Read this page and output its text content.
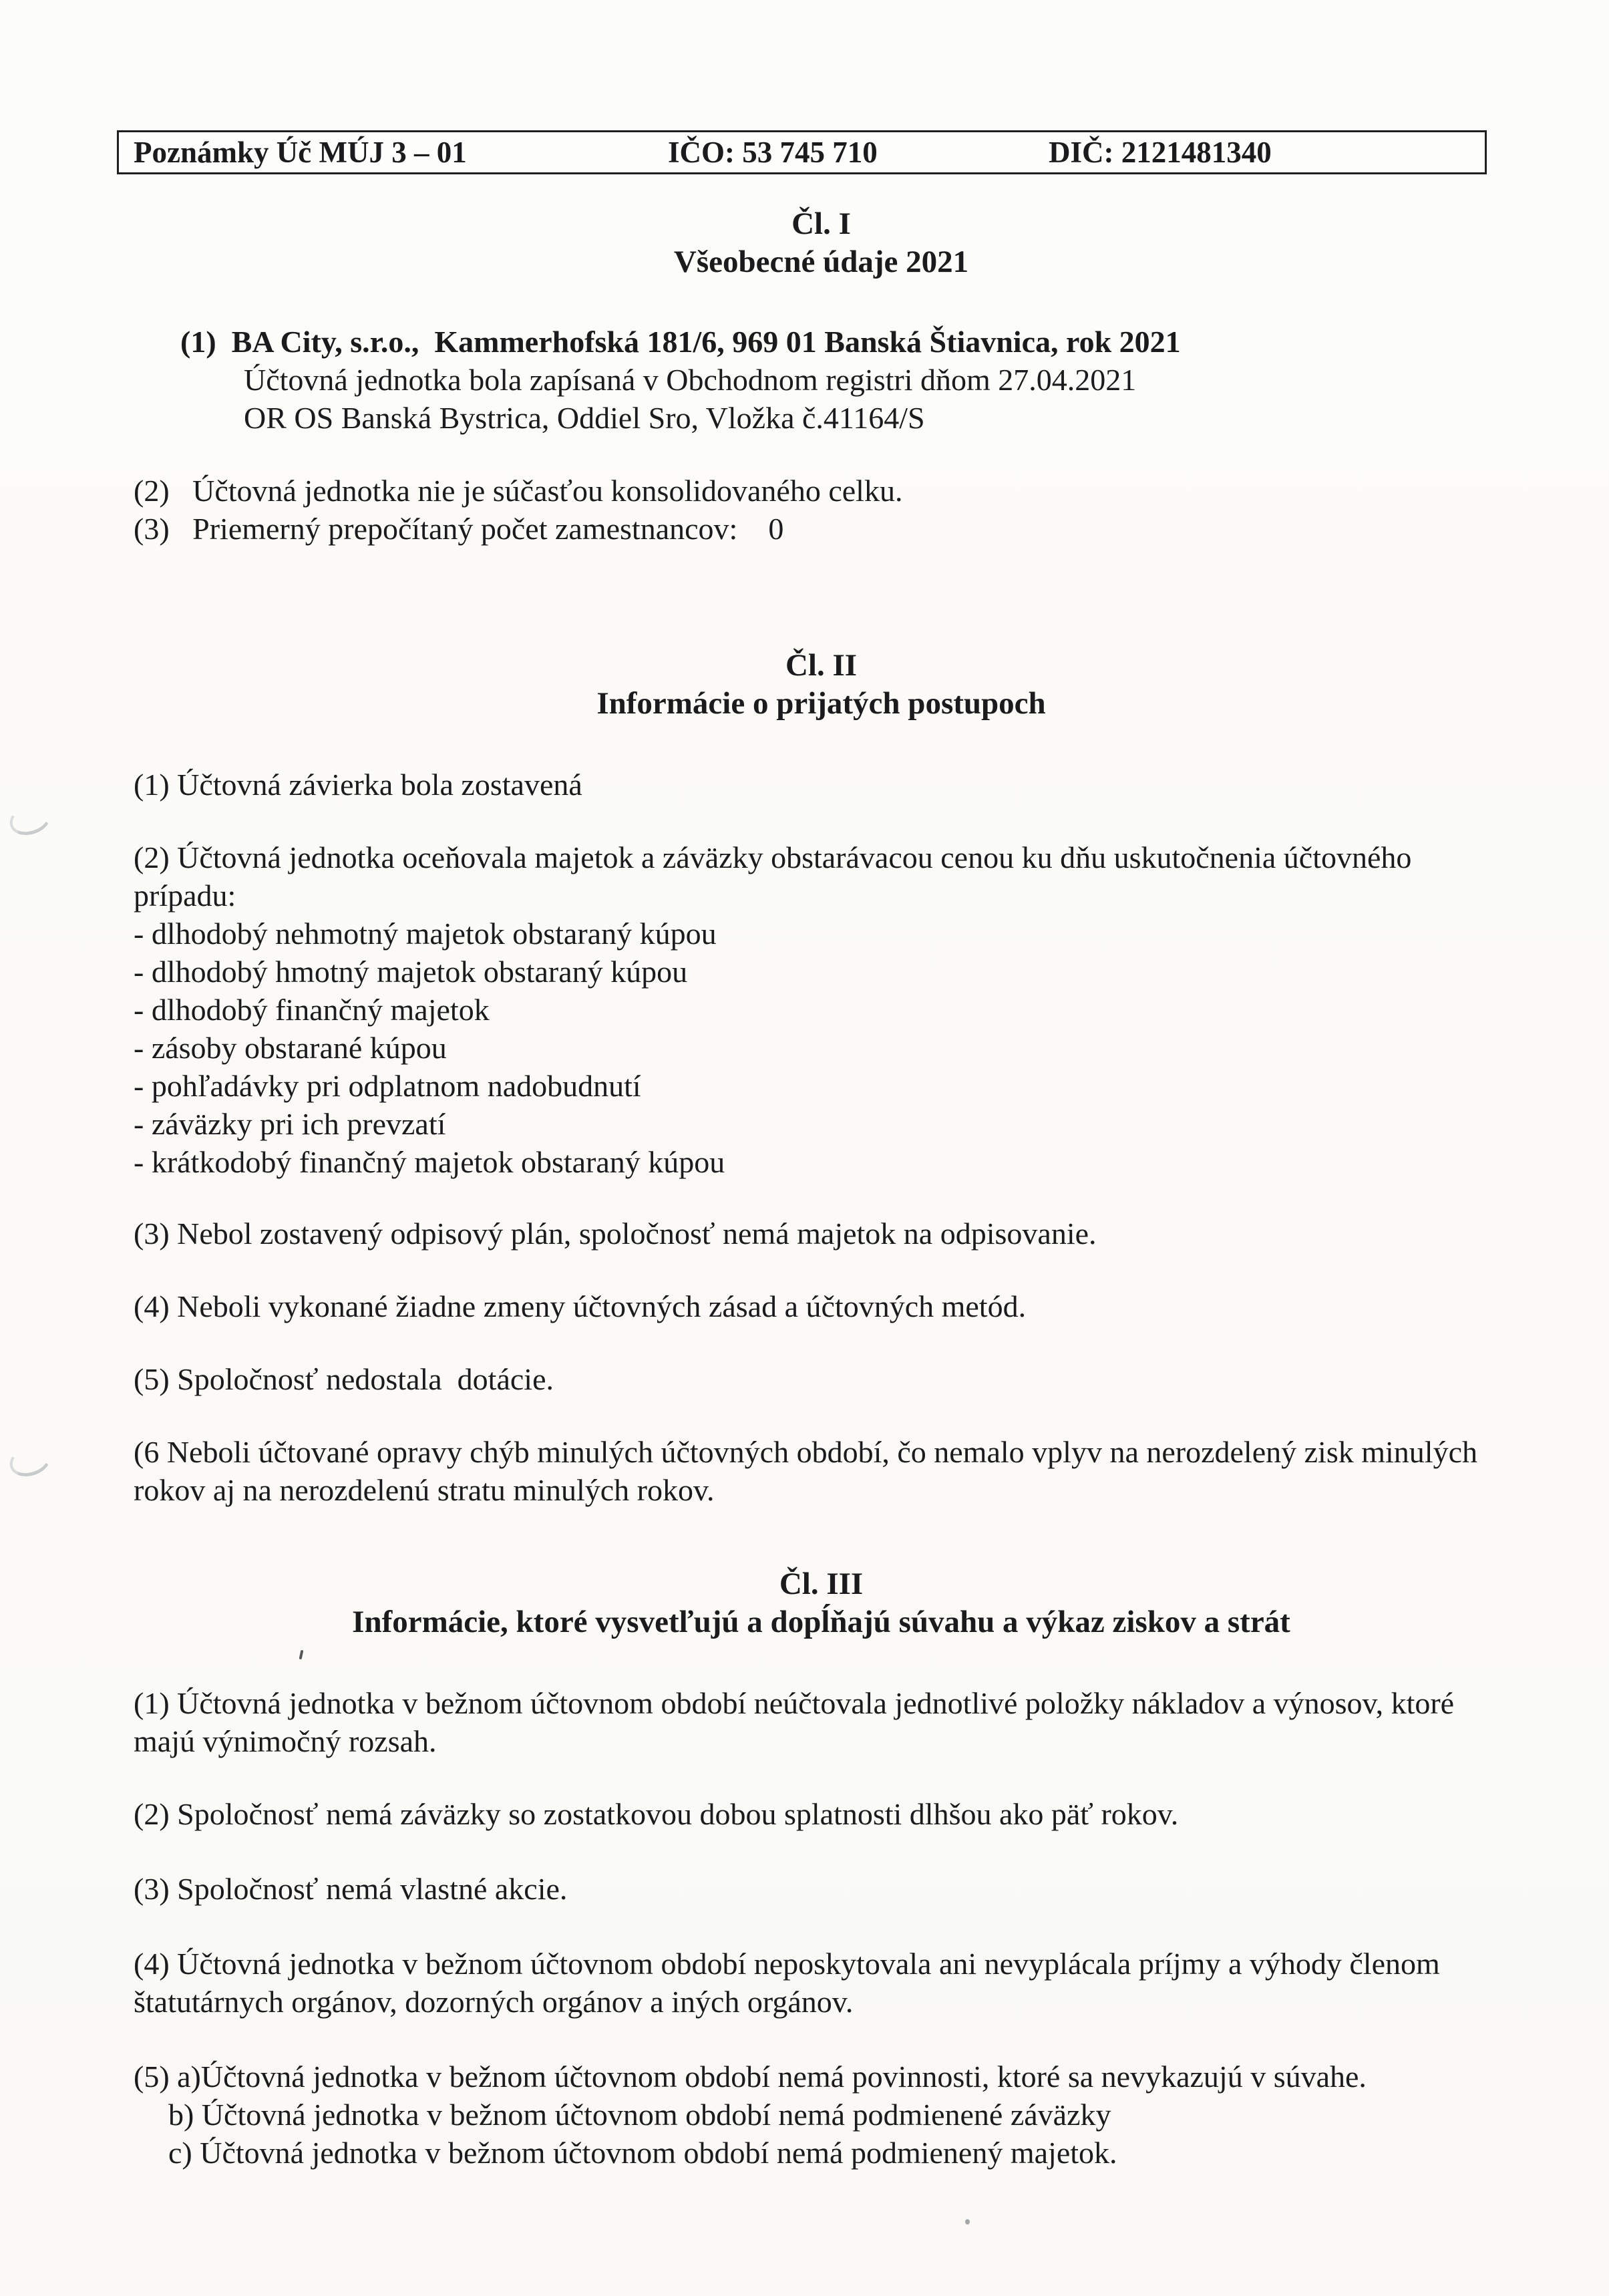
Poznámky Úč MÚJ 3 – 01	IČO: 53 745 710	DIČ: 2121481340
Čl. I
Všeobecné údaje 2021

(1)  BA City, s.r.o.,  Kammerhofská 181/6, 969 01 Banská Štiavnica, rok 2021

Účtovná jednotka bola zapísaná v Obchodnom registri dňom 27.04.2021

OR OS Banská Bystrica, Oddiel Sro, Vložka č.41164/S

(2)   Účtovná jednotka nie je súčasťou konsolidovaného celku.

(3)   Priemerný prepočítaný počet zamestnancov:    0

Čl. II
Informácie o prijatých postupoch

(1) Účtovná závierka bola zostavená

(2) Účtovná jednotka oceňovala majetok a záväzky obstarávacou cenou ku dňu uskutočnenia účtovného prípadu:

- dlhodobý nehmotný majetok obstaraný kúpou

- dlhodobý hmotný majetok obstaraný kúpou

- dlhodobý finančný majetok

- zásoby obstarané kúpou

- pohľadávky pri odplatnom nadobudnutí

- záväzky pri ich prevzatí

- krátkodobý finančný majetok obstaraný kúpou

(3) Nebol zostavený odpisový plán, spoločnosť nemá majetok na odpisovanie.

(4) Neboli vykonané žiadne zmeny účtovných zásad a účtovných metód.

(5) Spoločnosť nedostala  dotácie.

(6 Neboli účtované opravy chýb minulých účtovných období, čo nemalo vplyv na nerozdelený zisk minulých rokov aj na nerozdelenú stratu minulých rokov.

Čl. III
Informácie, ktoré vysvetľujú a dopĺňajú súvahu a výkaz ziskov a strát

(1) Účtovná jednotka v bežnom účtovnom období neúčtovala jednotlivé položky nákladov a výnosov, ktoré majú výnimočný rozsah.

(2) Spoločnosť nemá záväzky so zostatkovou dobou splatnosti dlhšou ako päť rokov.

(3) Spoločnosť nemá vlastné akcie.

(4) Účtovná jednotka v bežnom účtovnom období neposkytovala ani nevyplácala príjmy a výhody členom štatutárnych orgánov, dozorných orgánov a iných orgánov.

(5) a)Účtovná jednotka v bežnom účtovnom období nemá povinnosti, ktoré sa nevykazujú v súvahe.

b) Účtovná jednotka v bežnom účtovnom období nemá podmienené záväzky

c) Účtovná jednotka v bežnom účtovnom období nemá podmienený majetok.
